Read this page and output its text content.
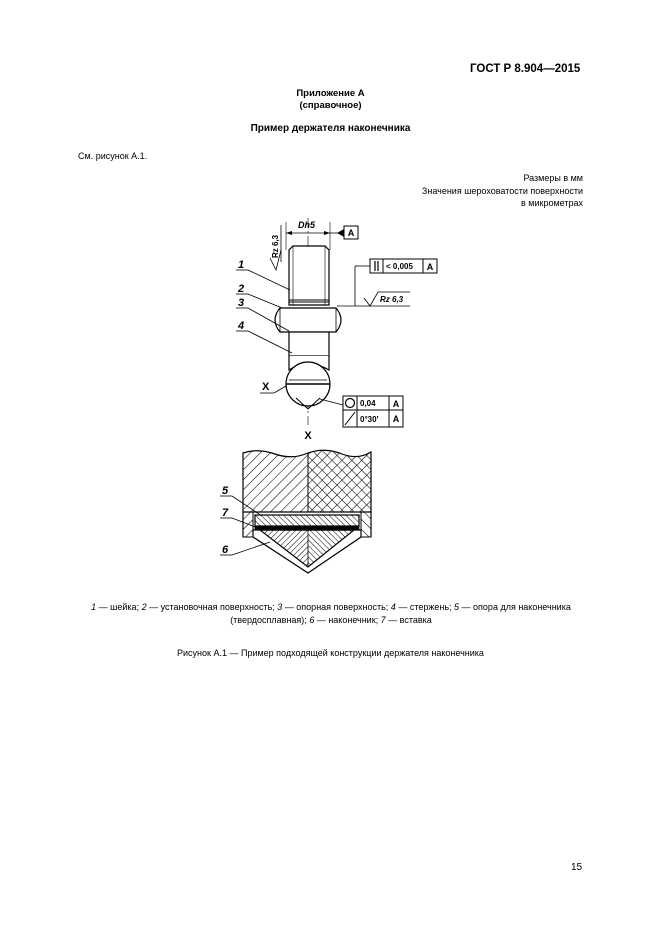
ГОСТ Р 8.904—2015
Приложение А
(справочное)
Пример держателя наконечника
См. рисунок А.1.
Размеры в мм
Значения шероховатости поверхности
в микрометрах
Dh5
A
Rz 6,3
< 0,005 A
Rz 6,3
0,04 A
0°30′ A
1
2
3
4
X
X
5
7
6
1 — шейка; 2 — установочная поверхность; 3 — опорная поверхность; 4 — стержень; 5 — опора для наконечника (твердосплавная); 6 — наконечник; 7 — вставка
Рисунок А.1 — Пример подходящей конструкции держателя наконечника
15
